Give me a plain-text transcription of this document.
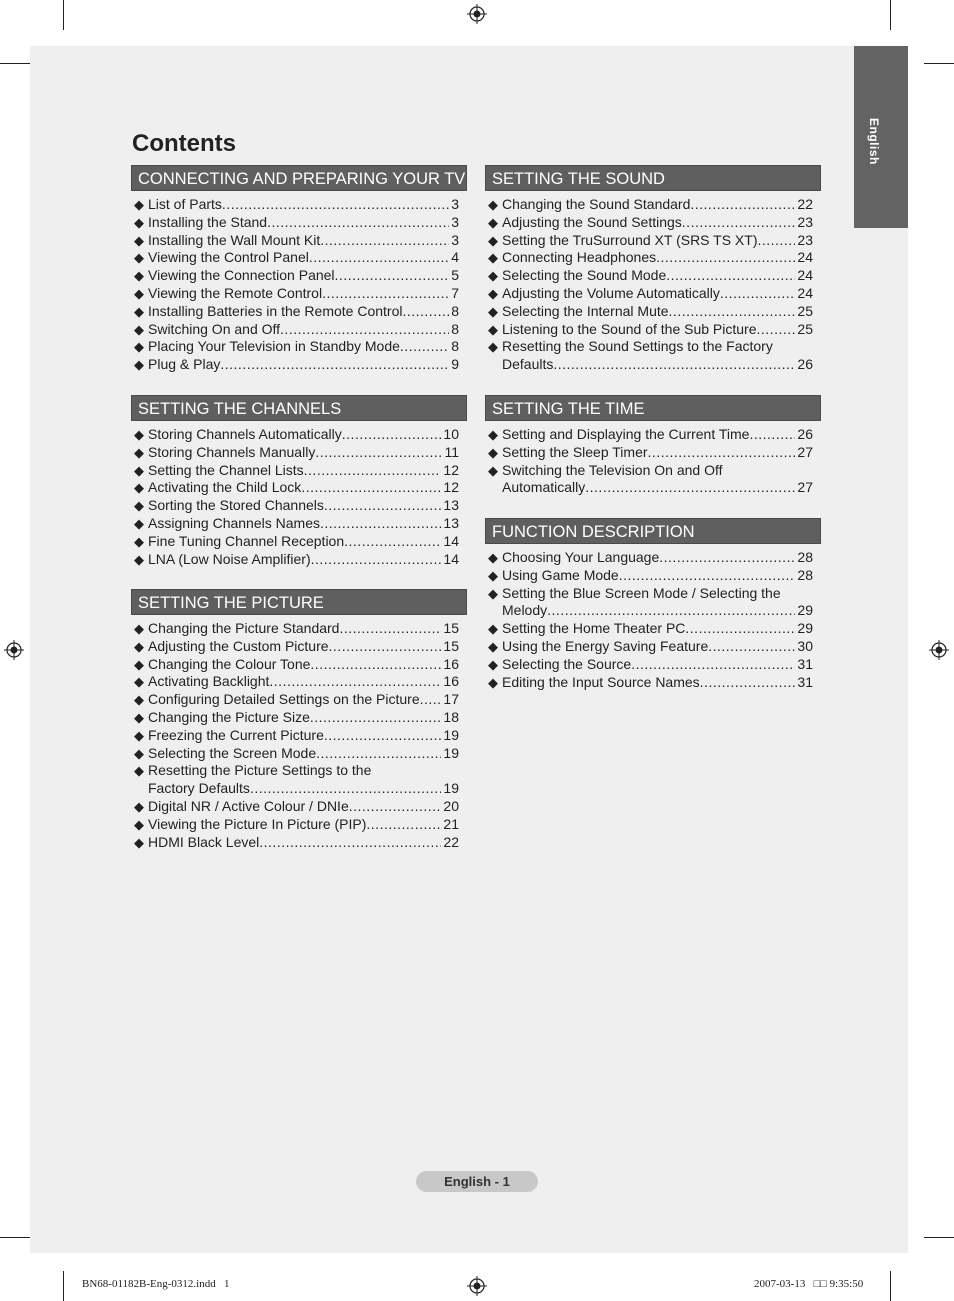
English
Contents
CONNECTING AND PREPARING YOUR TV
◆ List of Parts .....	3
◆ Installing the Stand .....	3
◆ Installing the Wall Mount Kit .....	3
◆ Viewing the Control Panel .....	4
◆ Viewing the Connection Panel .....	5
◆ Viewing the Remote Control .....	7
◆ Installing Batteries in the Remote Control .....	8
◆ Switching On and Off .....	8
◆ Placing Your Television in Standby Mode .....	8
◆ Plug & Play .....	9
SETTING THE CHANNELS
◆ Storing Channels Automatically .....	10
◆ Storing Channels Manually .....	11
◆ Setting the Channel Lists .....	12
◆ Activating the Child Lock .....	12
◆ Sorting the Stored Channels .....	13
◆ Assigning Channels Names .....	13
◆ Fine Tuning Channel Reception .....	14
◆ LNA (Low Noise Amplifier) .....	14
SETTING THE PICTURE
◆ Changing the Picture Standard .....	15
◆ Adjusting the Custom Picture .....	15
◆ Changing the Colour Tone .....	16
◆ Activating Backlight .....	16
◆ Configuring Detailed Settings on the Picture ..... 17
◆ Changing the Picture Size .....	18
◆ Freezing the Current Picture .....	19
◆ Selecting the Screen Mode .....	19
◆ Resetting the Picture Settings to the
Factory Defaults .....	19
◆ Digital NR / Active Colour / DNIe .....	20
◆ Viewing the Picture In Picture (PIP) .....	21
◆ HDMI Black Level .....	22
SETTING THE SOUND
◆ Changing the Sound Standard .....	22
◆ Adjusting the Sound Settings .....	23
◆ Setting the TruSurround XT (SRS TS XT) .....	23
◆ Connecting Headphones .....	24
◆ Selecting the Sound Mode .....	24
◆ Adjusting the Volume Automatically .....	24
◆ Selecting the Internal Mute .....	25
◆ Listening to the Sound of the Sub Picture .....	25
◆ Resetting the Sound Settings to the Factory
Defaults .....	26
SETTING THE TIME
◆ Setting and Displaying the Current Time .....	26
◆ Setting the Sleep Timer .....	27
◆ Switching the Television On and Off
Automatically .....	27
FUNCTION DESCRIPTION
◆ Choosing Your Language .....	28
◆ Using Game Mode .....	28
◆ Setting the Blue Screen Mode / Selecting the
Melody .....	29
◆ Setting the Home Theater PC .....	29
◆ Using the Energy Saving Feature .....	30
◆ Selecting the Source .....	31
◆ Editing the Input Source Names .....	31
English - 1
BN68-01182B-Eng-0312.indd   1	2007-03-13   □□ 9:35:50
